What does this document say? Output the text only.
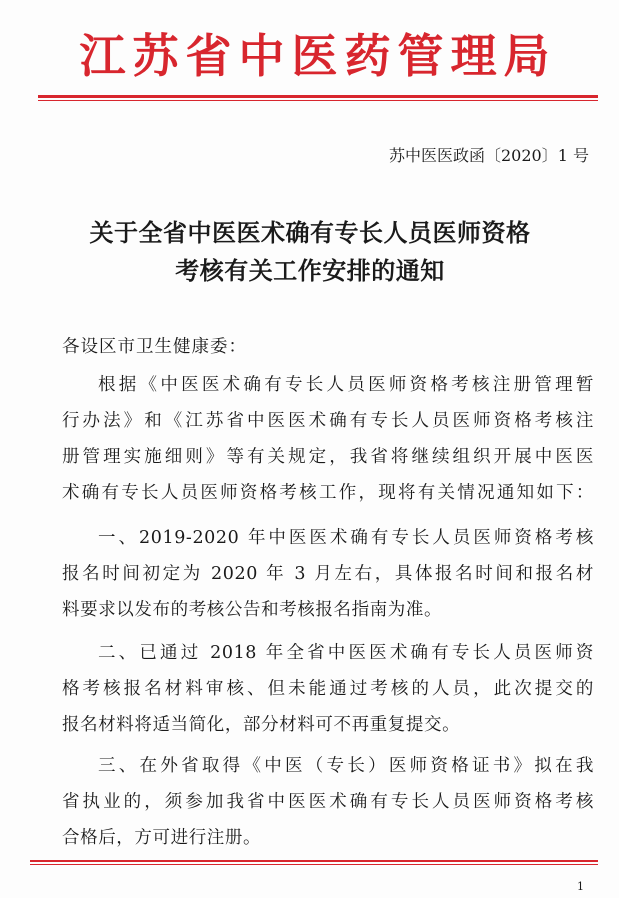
江苏省中医药管理局
苏中医医政函〔2020〕1 号
关于全省中医医术确有专长人员医师资格
考核有关工作安排的通知
各设区市卫生健康委：
根据《中医医术确有专长人员医师资格考核注册管理暂
行办法》和《江苏省中医医术确有专长人员医师资格考核注
册管理实施细则》等有关规定，我省将继续组织开展中医医
术确有专长人员医师资格考核工作，现将有关情况通知如下：
一、2019-2020 年中医医术确有专长人员医师资格考核
报名时间初定为 2020 年 3 月左右，具体报名时间和报名材
料要求以发布的考核公告和考核报名指南为准。
二、已通过 2018 年全省中医医术确有专长人员医师资
格考核报名材料审核、但未能通过考核的人员，此次提交的
报名材料将适当简化，部分材料可不再重复提交。
三、在外省取得《中医（专长）医师资格证书》拟在我
省执业的，须参加我省中医医术确有专长人员医师资格考核
合格后，方可进行注册。
1
